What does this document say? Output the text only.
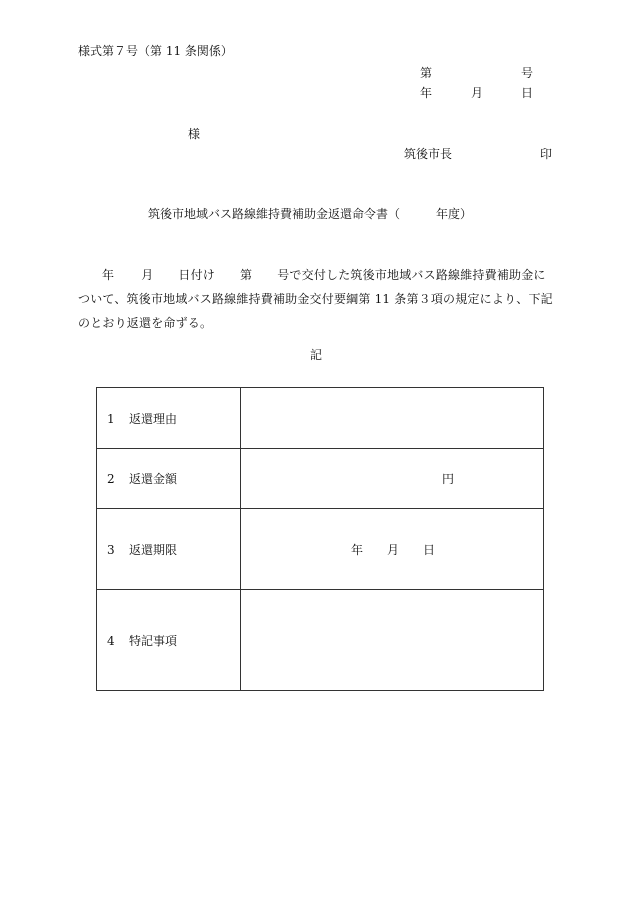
様式第７号（第 11 条関係）
第	号
年	月	日
様
筑後市長	印
筑後市地域バス路線維持費補助金返還命令書（　　　年度）
年 月 日付け 第 号で交付した筑後市地域バス路線維持費補助金に
ついて、筑後市地域バス路線維持費補助金交付要綱第 11 条第３項の規定により、下記
のとおり返還を命ずる。
記
1 返還理由	
2 返還金額	円
3 返還期限	年 月 日
4 特記事項	
